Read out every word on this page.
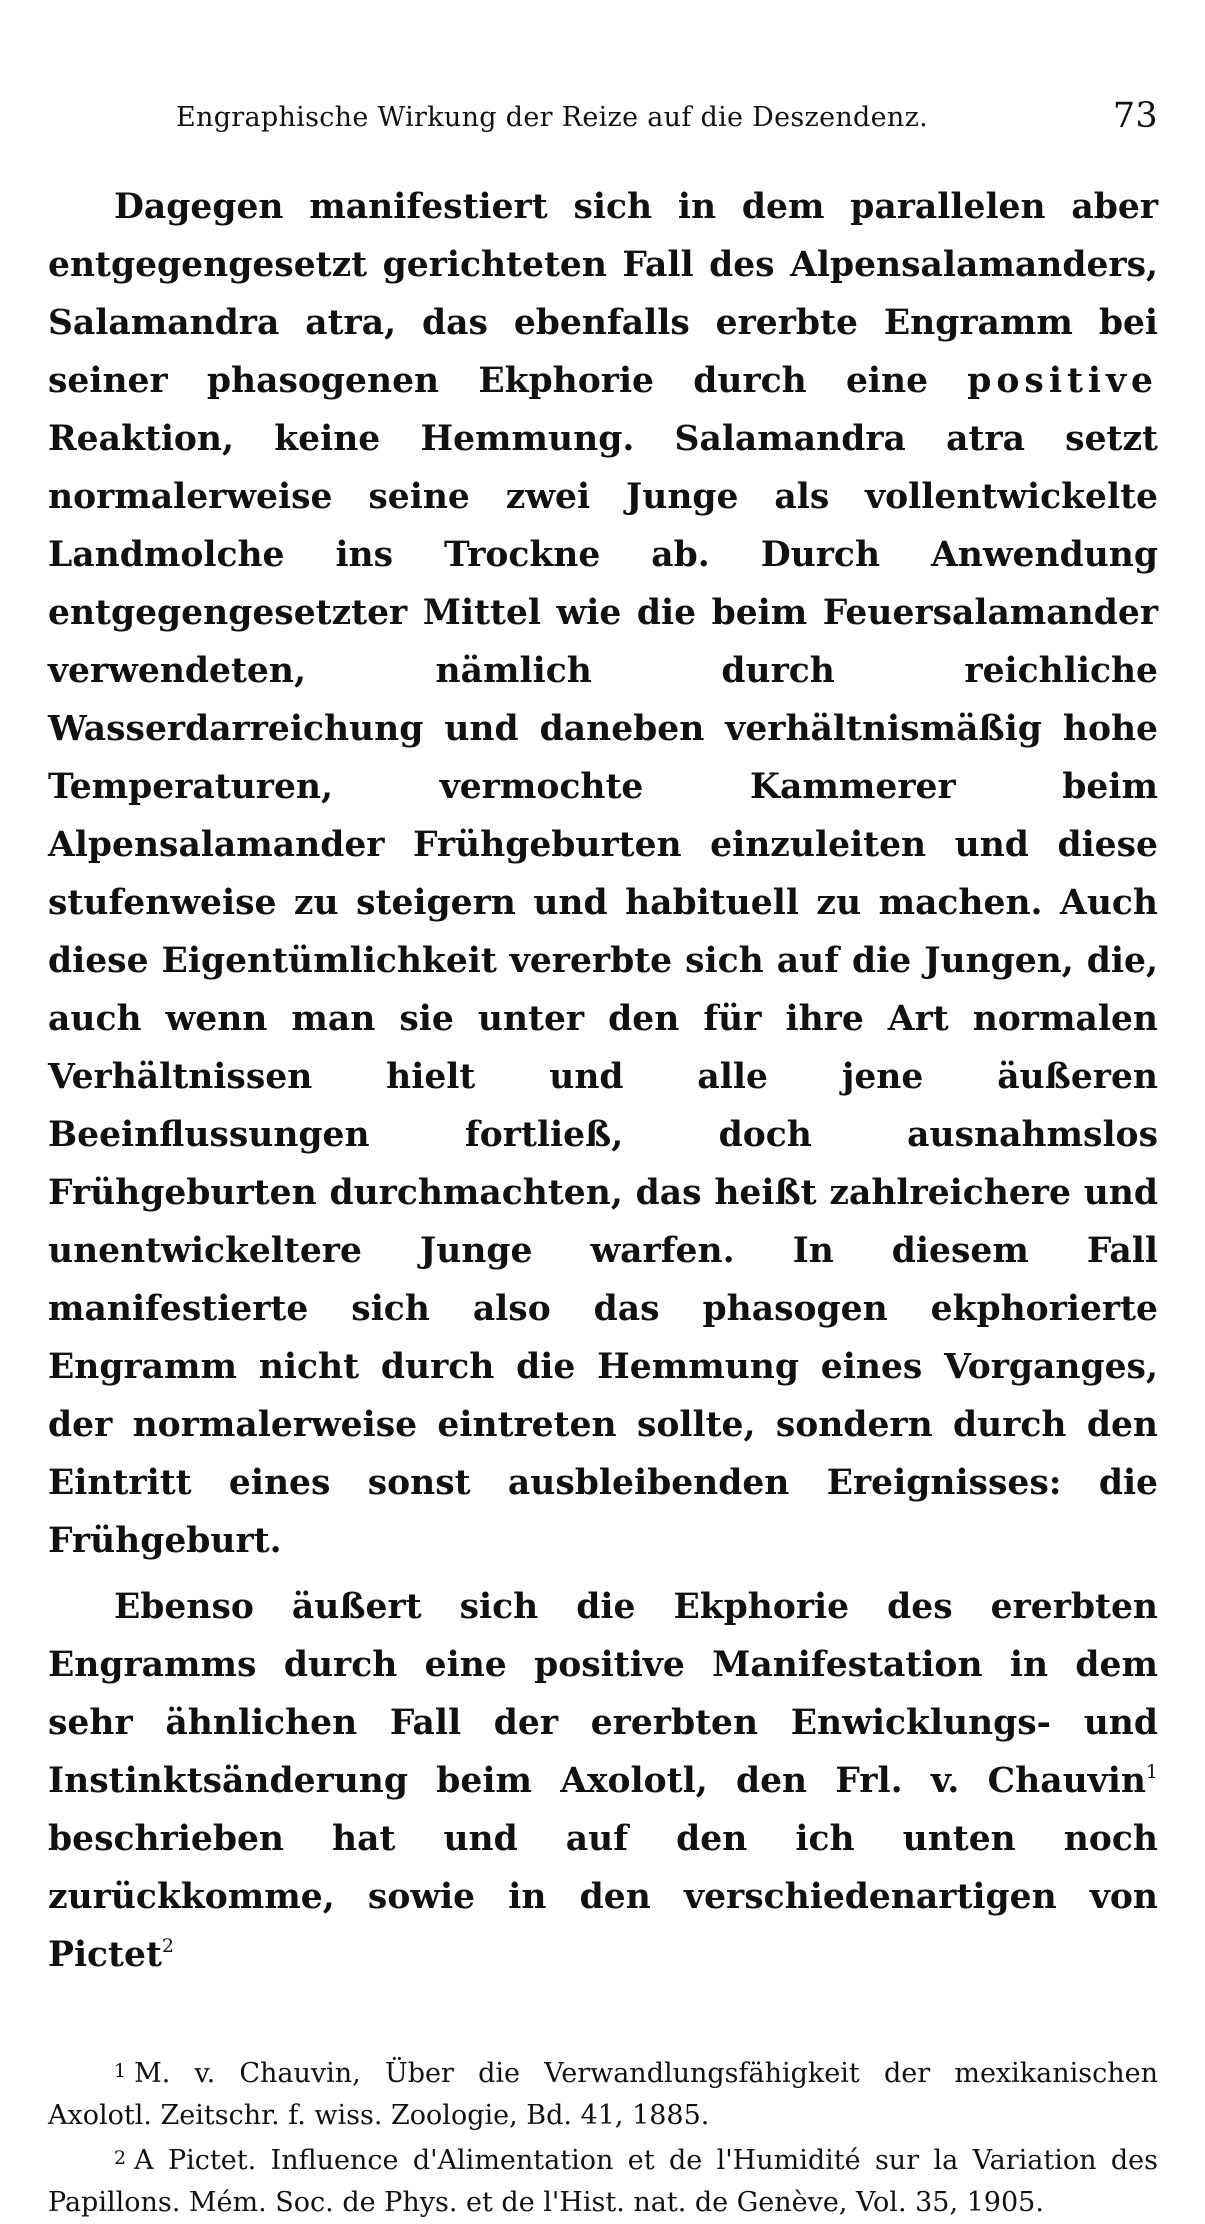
Engraphische Wirkung der Reize auf die Deszendenz.	73

Dagegen manifestiert sich in dem parallelen aber entgegengesetzt gerichteten Fall des Alpensalamanders, Salamandra atra, das ebenfalls ererbte Engramm bei seiner phasogenen Ekphorie durch eine positive Reaktion, keine Hemmung. Salamandra atra setzt normalerweise seine zwei Junge als vollentwickelte Landmolche ins Trockne ab. Durch Anwendung entgegengesetzter Mittel wie die beim Feuersalamander verwendeten, nämlich durch reichliche Wasserdarreichung und daneben verhältnismäßig hohe Temperaturen, vermochte Kammerer beim Alpensalamander Frühgeburten einzuleiten und diese stufenweise zu steigern und habituell zu machen. Auch diese Eigentümlichkeit vererbte sich auf die Jungen, die, auch wenn man sie unter den für ihre Art normalen Verhältnissen hielt und alle jene äußeren Beeinflussungen fortließ, doch ausnahmslos Frühgeburten durchmachten, das heißt zahlreichere und unentwickeltere Junge warfen. In diesem Fall manifestierte sich also das phasogen ekphorierte Engramm nicht durch die Hemmung eines Vorganges, der normalerweise eintreten sollte, sondern durch den Eintritt eines sonst ausbleibenden Ereignisses: die Frühgeburt.

Ebenso äußert sich die Ekphorie des ererbten Engramms durch eine positive Manifestation in dem sehr ähnlichen Fall der ererbten Enwicklungs- und Instinktsänderung beim Axolotl, den Frl. v. Chauvin$^1$ beschrieben hat und auf den ich unten noch zurückkomme, sowie in den verschiedenartigen von Pictet$^2$

1 M. v. Chauvin, Über die Verwandlungsfähigkeit der mexikanischen Axolotl. Zeitschr. f. wiss. Zoologie, Bd. 41, 1885.

2 A Pictet. Influence d'Alimentation et de l'Humidité sur la Variation des Papillons. Mém. Soc. de Phys. et de l'Hist. nat. de Genève, Vol. 35, 1905.
